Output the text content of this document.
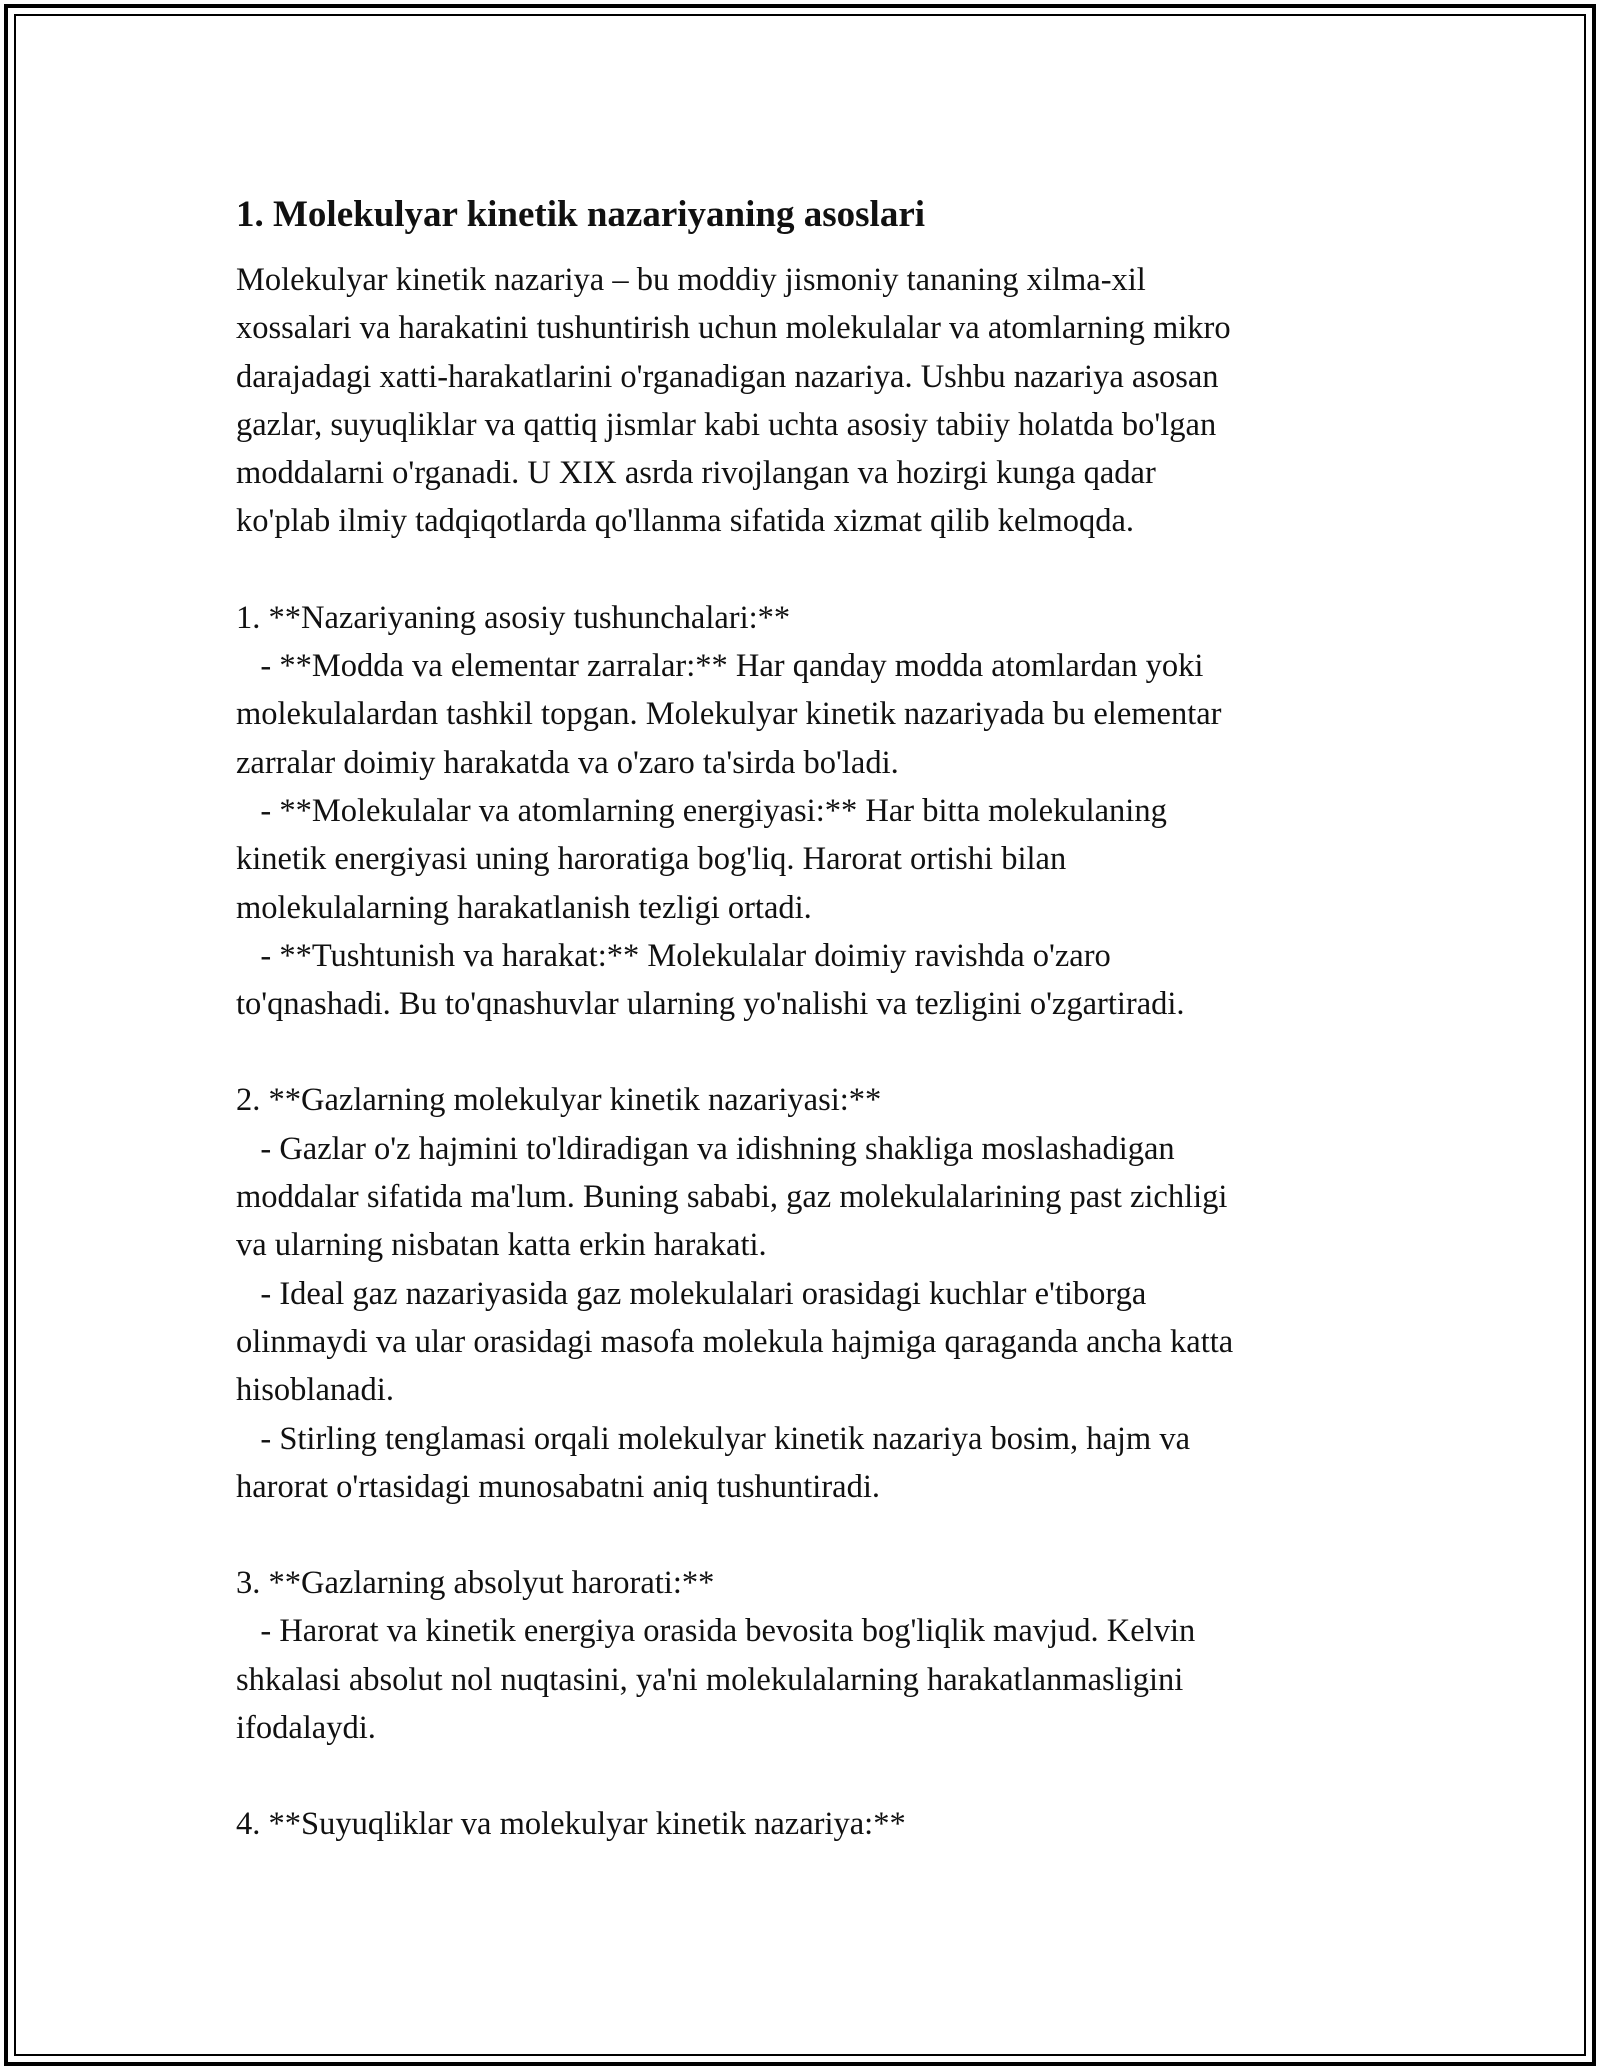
1. Molekulyar kinetik nazariyaning asoslari
Molekulyar kinetik nazariya – bu moddiy jismoniy tananing xilma-xil
xossalari va harakatini tushuntirish uchun molekulalar va atomlarning mikro
darajadagi xatti-harakatlarini o'rganadigan nazariya. Ushbu nazariya asosan
gazlar, suyuqliklar va qattiq jismlar kabi uchta asosiy tabiiy holatda bo'lgan
moddalarni o'rganadi. U XIX asrda rivojlangan va hozirgi kunga qadar
ko'plab ilmiy tadqiqotlarda qo'llanma sifatida xizmat qilib kelmoqda.
1. **Nazariyaning asosiy tushunchalari:**
- **Modda va elementar zarralar:** Har qanday modda atomlardan yoki
molekulalardan tashkil topgan. Molekulyar kinetik nazariyada bu elementar
zarralar doimiy harakatda va o'zaro ta'sirda bo'ladi.
- **Molekulalar va atomlarning energiyasi:** Har bitta molekulaning
kinetik energiyasi uning haroratiga bog'liq. Harorat ortishi bilan
molekulalarning harakatlanish tezligi ortadi.
- **Tushtunish va harakat:** Molekulalar doimiy ravishda o'zaro
to'qnashadi. Bu to'qnashuvlar ularning yo'nalishi va tezligini o'zgartiradi.
2. **Gazlarning molekulyar kinetik nazariyasi:**
- Gazlar o'z hajmini to'ldiradigan va idishning shakliga moslashadigan
moddalar sifatida ma'lum. Buning sababi, gaz molekulalarining past zichligi
va ularning nisbatan katta erkin harakati.
- Ideal gaz nazariyasida gaz molekulalari orasidagi kuchlar e'tiborga
olinmaydi va ular orasidagi masofa molekula hajmiga qaraganda ancha katta
hisoblanadi.
- Stirling tenglamasi orqali molekulyar kinetik nazariya bosim, hajm va
harorat o'rtasidagi munosabatni aniq tushuntiradi.
3. **Gazlarning absolyut harorati:**
- Harorat va kinetik energiya orasida bevosita bog'liqlik mavjud. Kelvin
shkalasi absolut nol nuqtasini, ya'ni molekulalarning harakatlanmasligini
ifodalaydi.
4. **Suyuqliklar va molekulyar kinetik nazariya:**
